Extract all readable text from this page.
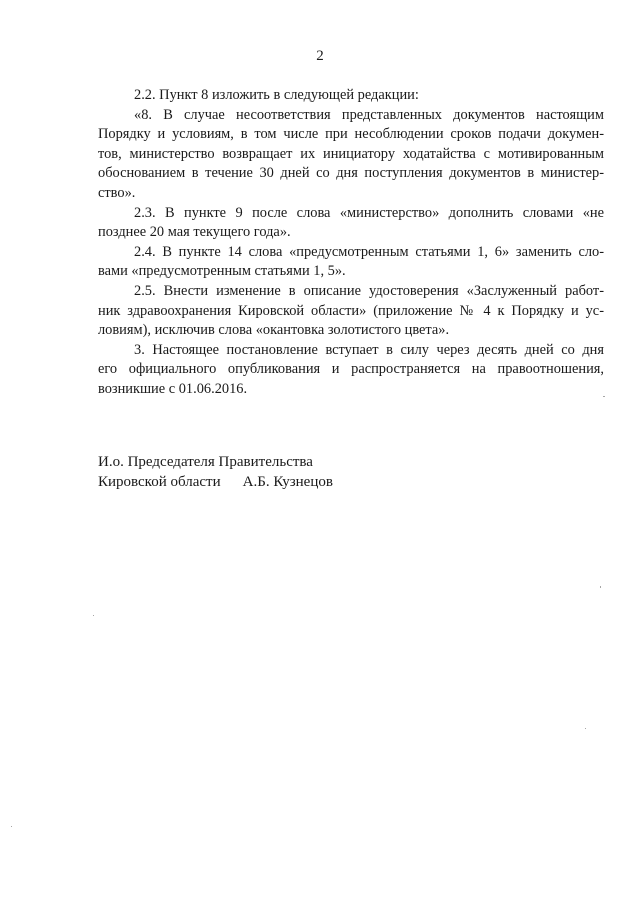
2

2.2. Пункт 8 изложить в следующей редакции:

«8. В случае несоответствия представленных документов настоящим
Порядку и условиям, в том числе при несоблюдении сроков подачи докумен-
тов, министерство возвращает их инициатору ходатайства с мотивированным
обоснованием в течение 30 дней со дня поступления документов в министер-
ство».

2.3. В пункте 9 после слова «министерство» дополнить словами «не
позднее 20 мая текущего года».

2.4. В пункте 14 слова «предусмотренным статьями 1, 6» заменить сло-
вами «предусмотренным статьями 1, 5».

2.5. Внести изменение в описание удостоверения «Заслуженный работ-
ник здравоохранения Кировской области» (приложение № 4 к Порядку и ус-
ловиям), исключив слова «окантовка золотистого цвета».

3. Настоящее постановление вступает в силу через десять дней со дня
его официального опубликования и распространяется на правоотношения,
возникшие с 01.06.2016.

И.о. Председателя Правительства
Кировской области А.Б. Кузнецов
